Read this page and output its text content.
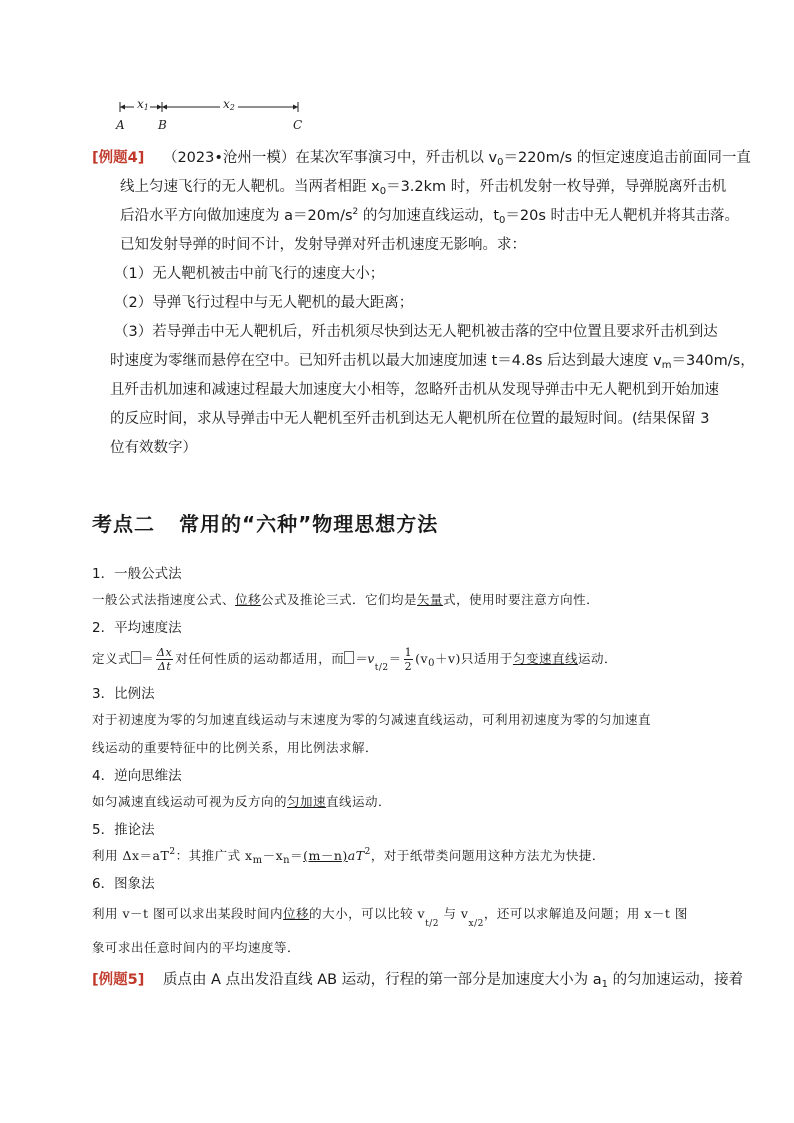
x1	x2
A	B	C
[例题4] （2023•沧州一模）在某次军事演习中，歼击机以 $v_0=220m/s$ 的恒定速度追击前面同一直
线上匀速飞行的无人靶机。当两者相距 $x_0=3.2km$ 时，歼击机发射一枚导弹，导弹脱离歼击机
后沿水平方向做加速度为 $a=20m/s^2$ 的匀加速直线运动，$t_0=20s$ 时击中无人靶机并将其击落。
已知发射导弹的时间不计，发射导弹对歼击机速度无影响。求：
（1）无人靶机被击中前飞行的速度大小；
（2）导弹飞行过程中与无人靶机的最大距离；
（3）若导弹击中无人靶机后，歼击机须尽快到达无人靶机被击落的空中位置且要求歼击机到达
时速度为零继而悬停在空中。已知歼击机以最大加速度加速 t＝4.8s 后达到最大速度 $v_m=340m/s$，
且歼击机加速和减速过程最大加速度大小相等，忽略歼击机从发现导弹击中无人靶机到开始加速
的反应时间，求从导弹击中无人靶机至歼击机到达无人靶机所在位置的最短时间。(结果保留 3
位有效数字）
考点二 常用的“六种”物理思想方法
1．一般公式法
一般公式法指速度公式、位移公式及推论三式．它们均是矢量式，使用时要注意方向性．
2．平均速度法
定义式 ＝ $\frac{\Delta x}{\Delta t}$ 对任何性质的运动都适用，而 $=v_{t/2}= \frac{1}{2} (v_0+v)$只适用于匀变速直线运动．
3．比例法
对于初速度为零的匀加速直线运动与末速度为零的匀减速直线运动，可利用初速度为零的匀加速直
线运动的重要特征中的比例关系，用比例法求解．
4．逆向思维法
如匀减速直线运动可视为反方向的匀加速直线运动．
5．推论法
利用 $\Delta x=aT^2$：其推广式 $x_m-x_n=(m-n)aT^2$，对于纸带类问题用这种方法尤为快捷．
6．图象法
利用 v－t 图可以求出某段时间内位移的大小，可以比较 $v_{t/2}$ 与 $v_{x/2}$，还可以求解追及问题；用 x－t 图
象可求出任意时间内的平均速度等．
[例题5] 质点由 A 点出发沿直线 AB 运动，行程的第一部分是加速度大小为 $a_1$ 的匀加速运动，接着
